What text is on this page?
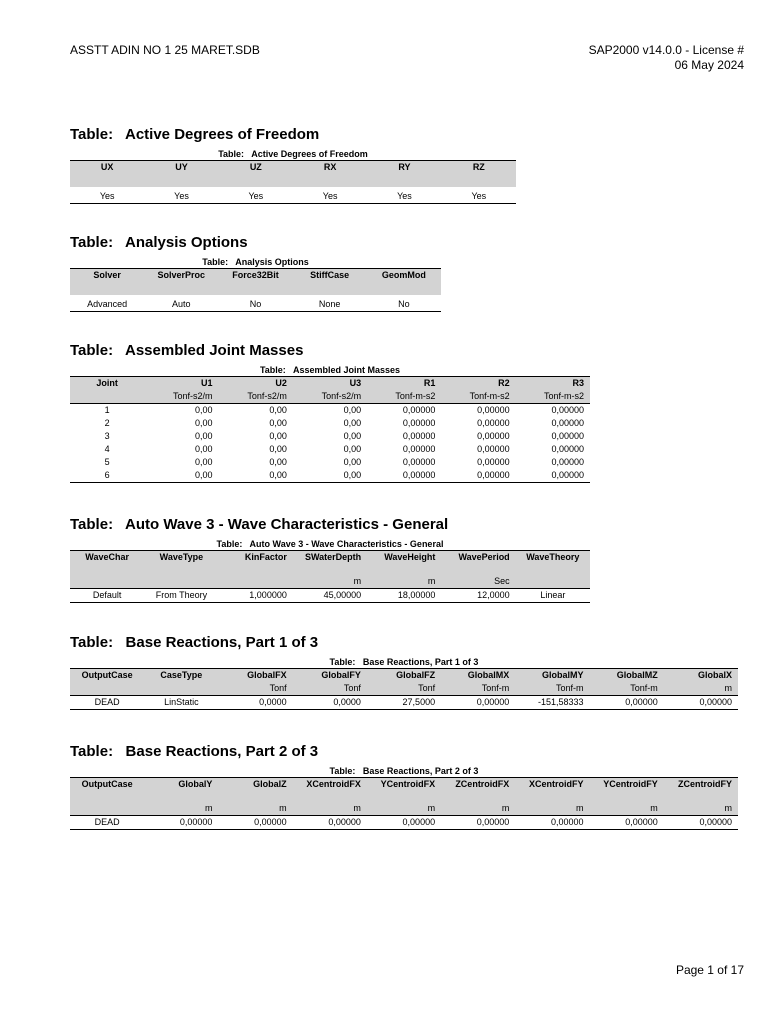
ASSTT ADIN NO 1 25 MARET.SDB	SAP2000 v14.0.0 - License #
06 May 2024
Table:   Active Degrees of Freedom
Table:   Active Degrees of Freedom
UX	UY	UZ	RX	RY	RZ
Yes	Yes	Yes	Yes	Yes	Yes
Table:   Analysis Options
Table:   Analysis Options
Solver	SolverProc	Force32Bit	StiffCase	GeomMod
Advanced	Auto	No	None	No
Table:   Assembled Joint Masses
Table:   Assembled Joint Masses
Joint	U1	U2	U3	R1	R2	R3
	Tonf-s2/m	Tonf-s2/m	Tonf-s2/m	Tonf-m-s2	Tonf-m-s2	Tonf-m-s2
1	0,00	0,00	0,00	0,00000	0,00000	0,00000
2	0,00	0,00	0,00	0,00000	0,00000	0,00000
3	0,00	0,00	0,00	0,00000	0,00000	0,00000
4	0,00	0,00	0,00	0,00000	0,00000	0,00000
5	0,00	0,00	0,00	0,00000	0,00000	0,00000
6	0,00	0,00	0,00	0,00000	0,00000	0,00000
Table:   Auto Wave 3 - Wave Characteristics - General
Table:   Auto Wave 3 - Wave Characteristics - General
WaveChar	WaveType	KinFactor	SWaterDepth	WaveHeight	WavePeriod	WaveTheory
			m	m	Sec	
Default	From Theory	1,000000	45,00000	18,00000	12,0000	Linear
Table:   Base Reactions, Part 1 of 3
Table:   Base Reactions, Part 1 of 3
OutputCase	CaseType	GlobalFX	GlobalFY	GlobalFZ	GlobalMX	GlobalMY	GlobalMZ	GlobalX
		Tonf	Tonf	Tonf	Tonf-m	Tonf-m	Tonf-m	m
DEAD	LinStatic	0,0000	0,0000	27,5000	0,00000	-151,58333	0,00000	0,00000
Table:   Base Reactions, Part 2 of 3
Table:   Base Reactions, Part 2 of 3
OutputCase	GlobalY	GlobalZ	XCentroidFX	YCentroidFX	ZCentroidFX	XCentroidFY	YCentroidFY	ZCentroidFY
	m	m	m	m	m	m	m	m
DEAD	0,00000	0,00000	0,00000	0,00000	0,00000	0,00000	0,00000	0,00000
Page 1 of 17
